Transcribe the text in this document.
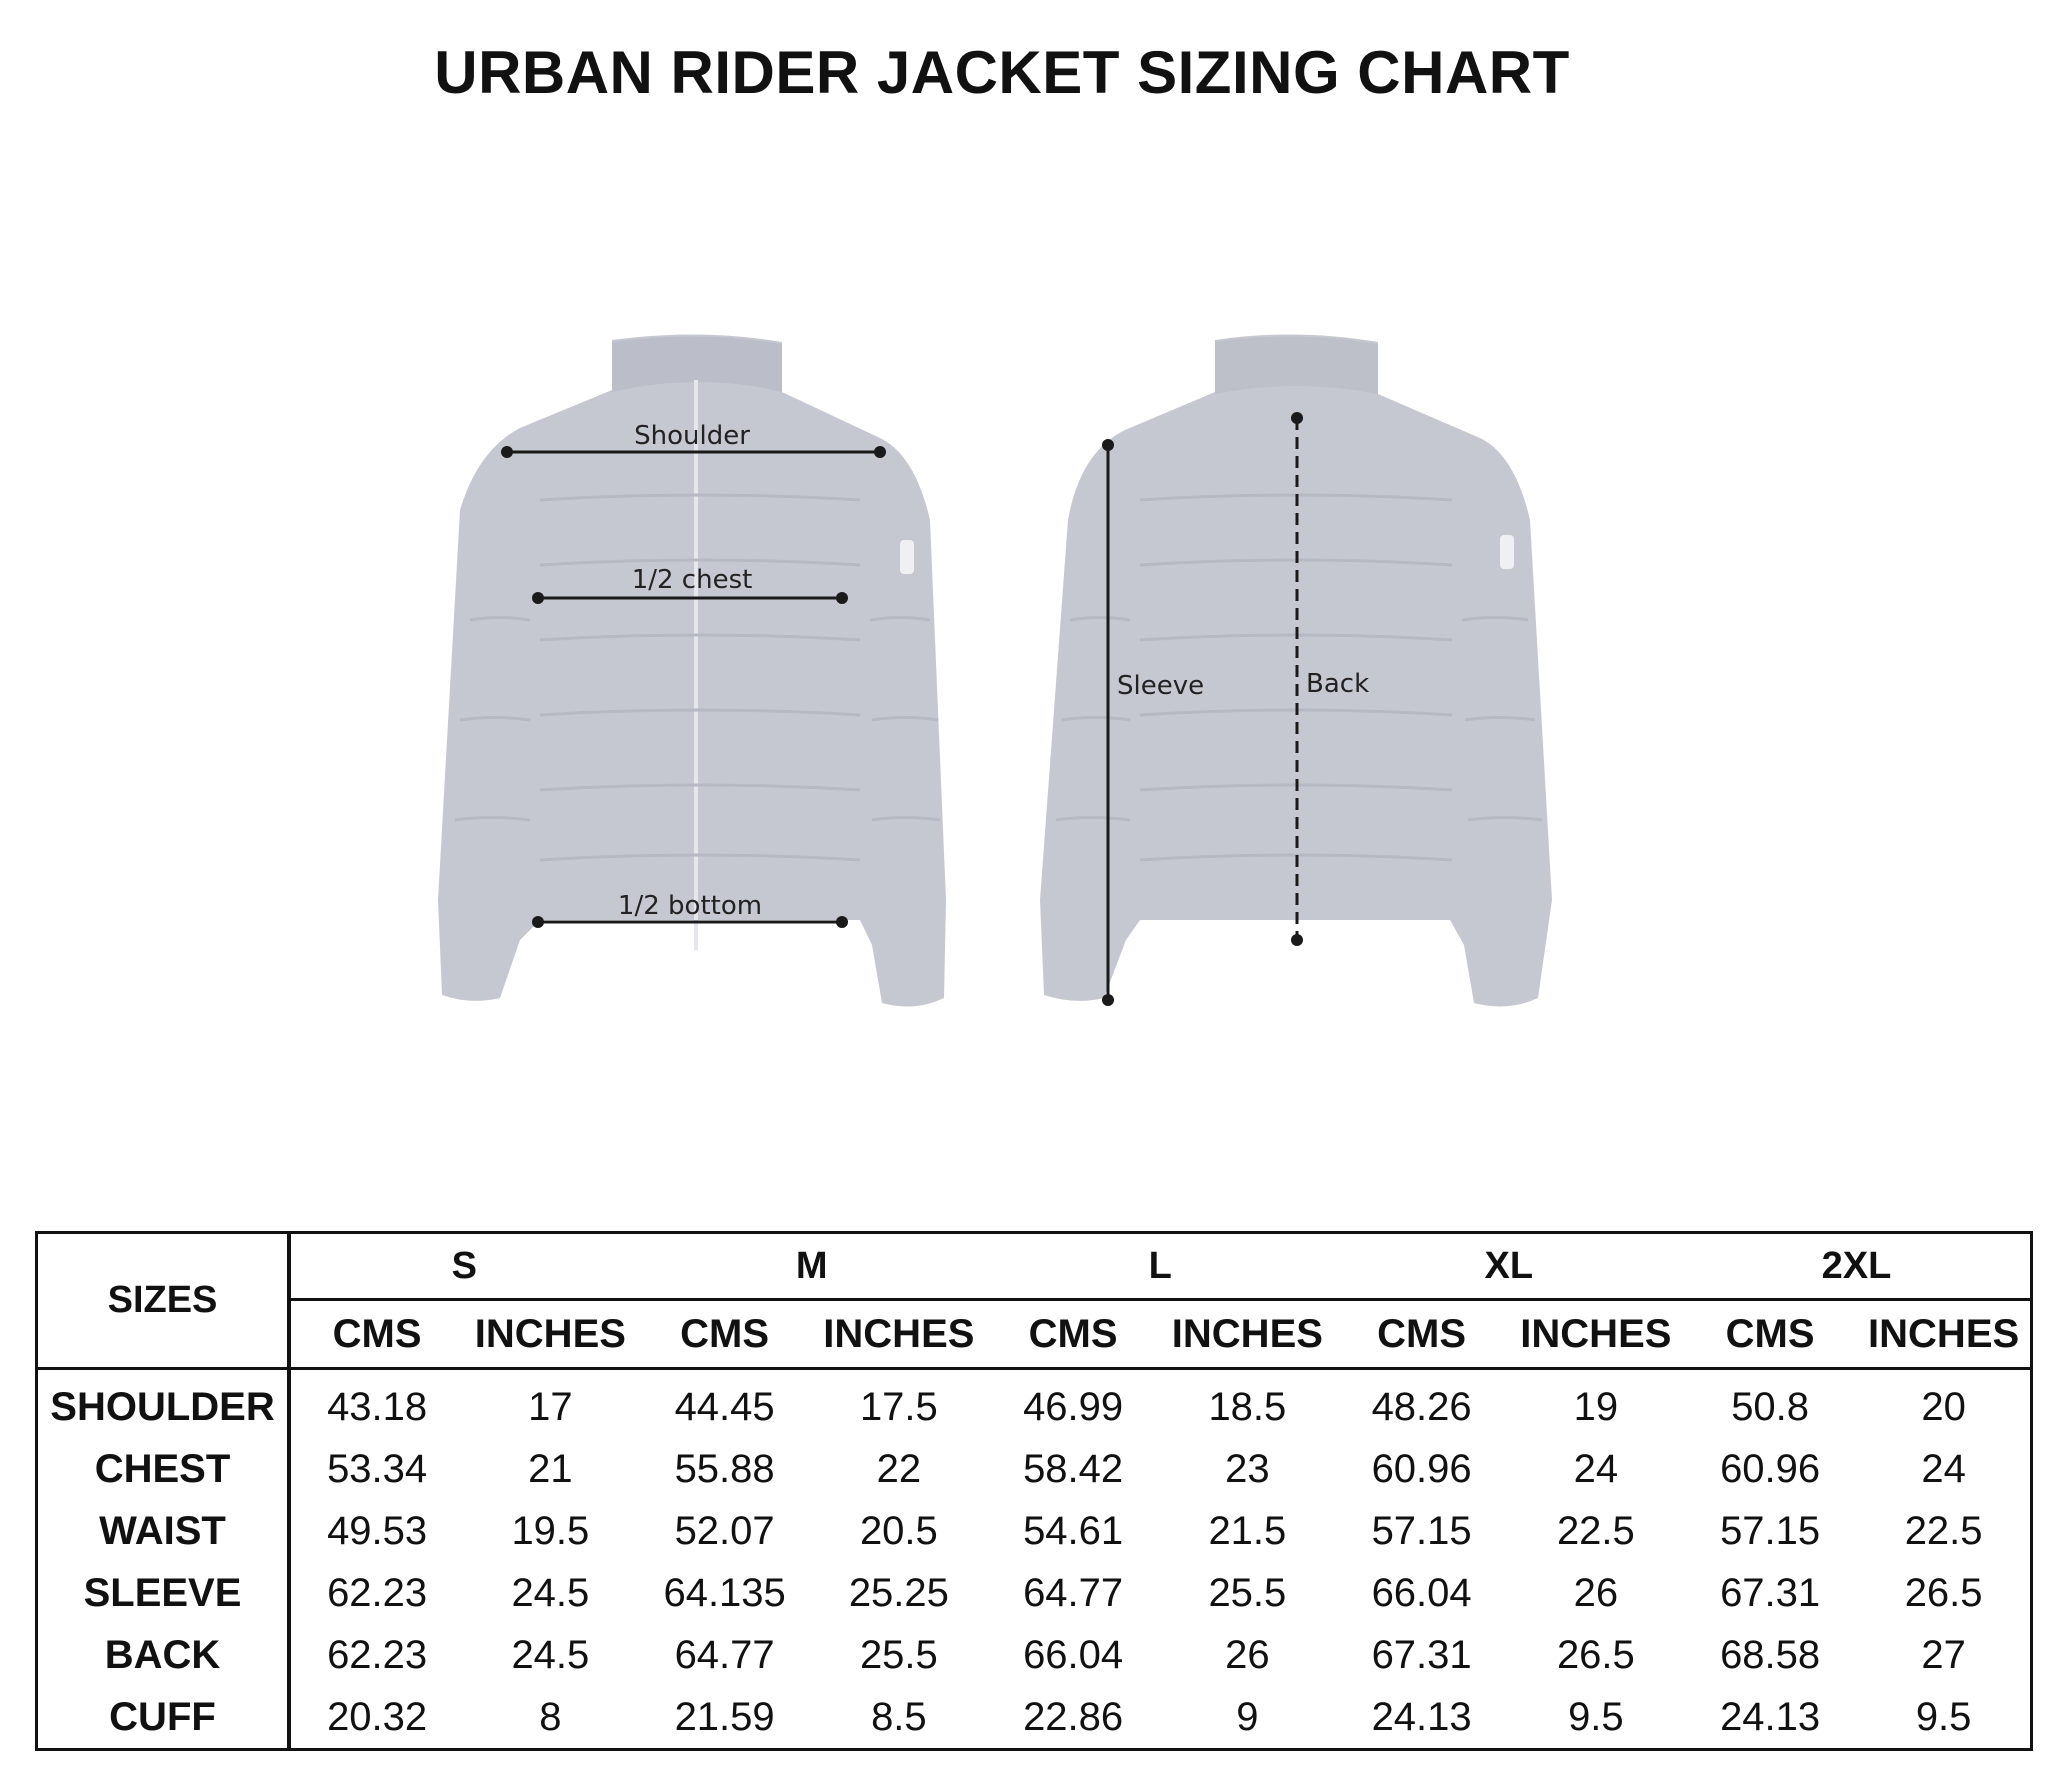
URBAN RIDER JACKET SIZING CHART
Shoulder
1/2 chest
1/2 bottom
Sleeve	Back
SIZES	S		M		L		XL		2XL	
	CMS	INCHES	CMS	INCHES	CMS	INCHES	CMS	INCHES	CMS	INCHES
SHOULDER	43.18	17	44.45	17.5	46.99	18.5	48.26	19	50.8	20
CHEST	53.34	21	55.88	22	58.42	23	60.96	24	60.96	24
WAIST	49.53	19.5	52.07	20.5	54.61	21.5	57.15	22.5	57.15	22.5
SLEEVE	62.23	24.5	64.135	25.25	64.77	25.5	66.04	26	67.31	26.5
BACK	62.23	24.5	64.77	25.5	66.04	26	67.31	26.5	68.58	27
CUFF	20.32	8	21.59	8.5	22.86	9	24.13	9.5	24.13	9.5
